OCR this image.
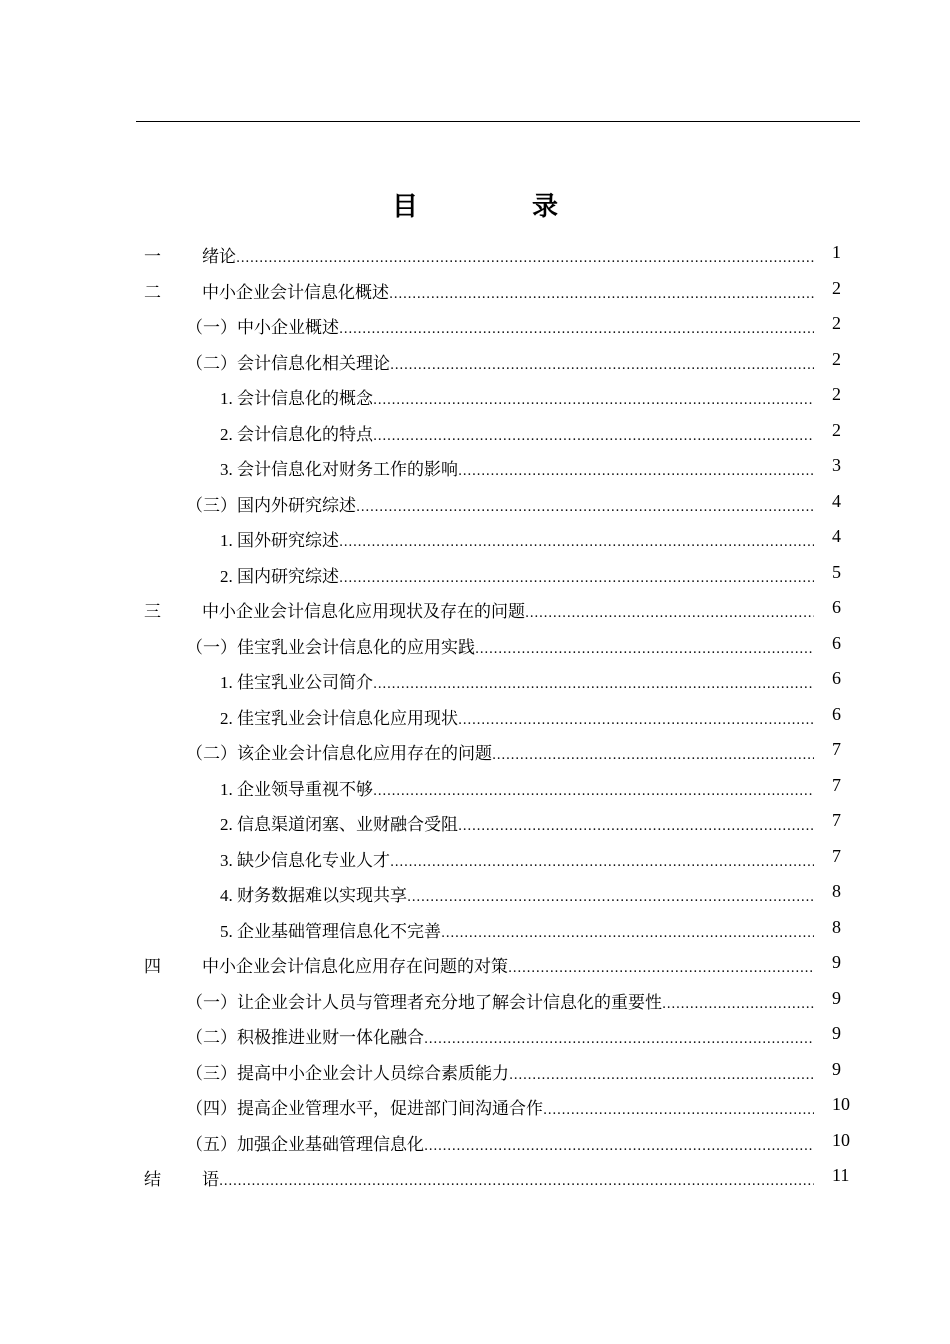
目　录
一	绪论 .....	1
二	中小企业会计信息化概述 .....	2
（一）中小企业概述 .....	2
（二）会计信息化相关理论 .....	2
1. 会计信息化的概念 .....	2
2. 会计信息化的特点 .....	2
3. 会计信息化对财务工作的影响 .....	3
（三）国内外研究综述 .....	4
1. 国外研究综述 .....	4
2. 国内研究综述 .....	5
三	中小企业会计信息化应用现状及存在的问题 .....	6
（一）佳宝乳业会计信息化的应用实践 .....	6
1. 佳宝乳业公司简介 .....	6
2. 佳宝乳业会计信息化应用现状 .....	6
（二）该企业会计信息化应用存在的问题 .....	7
1. 企业领导重视不够 .....	7
2. 信息渠道闭塞、业财融合受阻 .....	7
3. 缺少信息化专业人才 .....	7
4. 财务数据难以实现共享 .....	8
5. 企业基础管理信息化不完善 .....	8
四	中小企业会计信息化应用存在问题的对策 .....	9
（一）让企业会计人员与管理者充分地了解会计信息化的重要性 .....	9
（二）积极推进业财一体化融合 .....	9
（三）提高中小企业会计人员综合素质能力 .....	9
（四）提高企业管理水平，促进部门间沟通合作 .....	10
（五）加强企业基础管理信息化 .....	10
结	语 .....	11
